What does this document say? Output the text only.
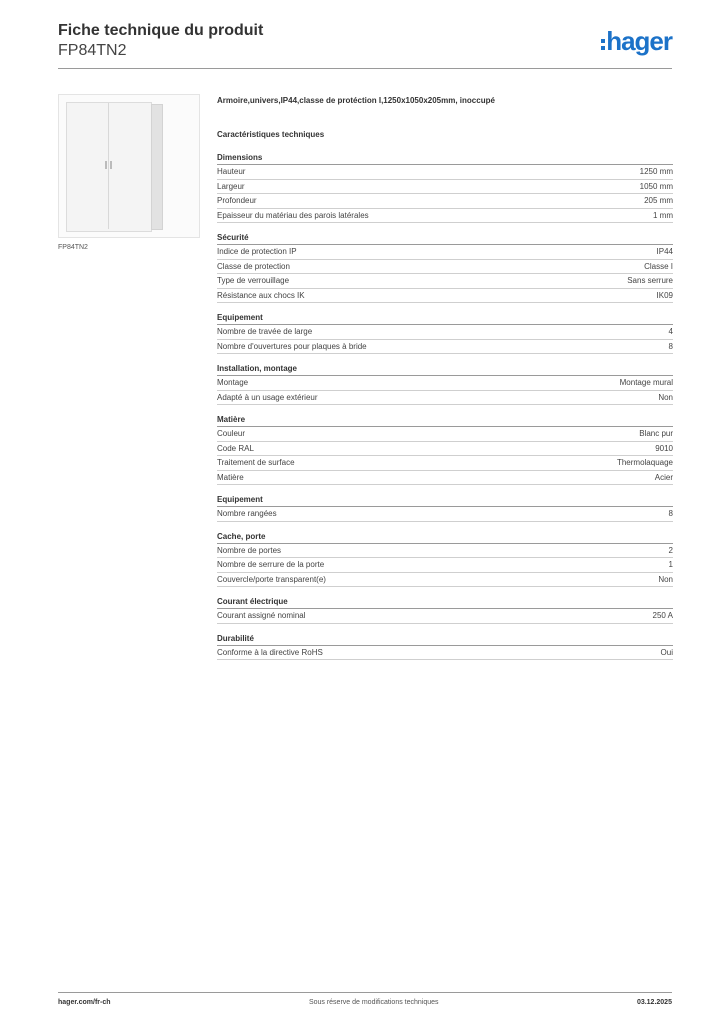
Fiche technique du produit
FP84TN2	hager
FP84TN2
Armoire,univers,IP44,classe de protéction I,1250x1050x205mm, inoccupé
Caractéristiques techniques
Dimensions
Hauteur	1250 mm
Largeur	1050 mm
Profondeur	205 mm
Epaisseur du matériau des parois latérales	1 mm
Sécurité
Indice de protection IP	IP44
Classe de protection	Classe I
Type de verrouillage	Sans serrure
Résistance aux chocs IK	IK09
Equipement
Nombre de travée de large	4
Nombre d'ouvertures pour plaques à bride	8
Installation, montage
Montage	Montage mural
Adapté à un usage extérieur	Non
Matière
Couleur	Blanc pur
Code RAL	9010
Traitement de surface	Thermolaquage
Matière	Acier
Equipement
Nombre rangées	8
Cache, porte
Nombre de portes	2
Nombre de serrure de la porte	1
Couvercle/porte transparent(e)	Non
Courant électrique
Courant assigné nominal	250 A
Durabilité
Conforme à la directive RoHS	Oui
hager.com/fr-ch	Sous réserve de modifications techniques	03.12.2025
